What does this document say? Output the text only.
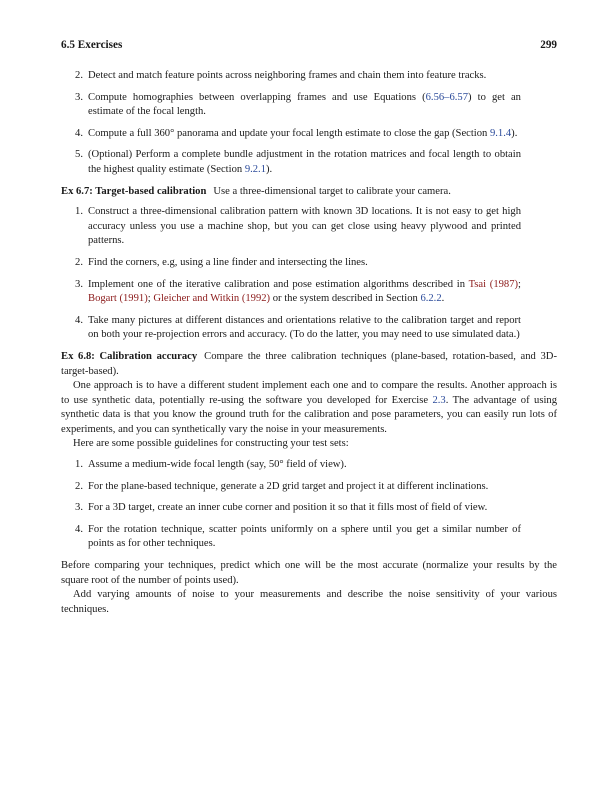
6.5 Exercises	299
2. Detect and match feature points across neighboring frames and chain them into feature tracks.
3. Compute homographies between overlapping frames and use Equations (6.56–6.57) to get an estimate of the focal length.
4. Compute a full 360° panorama and update your focal length estimate to close the gap (Section 9.1.4).
5. (Optional) Perform a complete bundle adjustment in the rotation matrices and focal length to obtain the highest quality estimate (Section 9.2.1).
Ex 6.7: Target-based calibration Use a three-dimensional target to calibrate your camera.
1. Construct a three-dimensional calibration pattern with known 3D locations. It is not easy to get high accuracy unless you use a machine shop, but you can get close using heavy plywood and printed patterns.
2. Find the corners, e.g, using a line finder and intersecting the lines.
3. Implement one of the iterative calibration and pose estimation algorithms described in Tsai (1987); Bogart (1991); Gleicher and Witkin (1992) or the system described in Section 6.2.2.
4. Take many pictures at different distances and orientations relative to the calibration target and report on both your re-projection errors and accuracy. (To do the latter, you may need to use simulated data.)
Ex 6.8: Calibration accuracy Compare the three calibration techniques (plane-based, rotation-based, and 3D-target-based).

One approach is to have a different student implement each one and to compare the results. Another approach is to use synthetic data, potentially re-using the software you developed for Exercise 2.3. The advantage of using synthetic data is that you know the ground truth for the calibration and pose parameters, you can easily run lots of experiments, and you can synthetically vary the noise in your measurements.

Here are some possible guidelines for constructing your test sets:

1. Assume a medium-wide focal length (say, 50° field of view).
2. For the plane-based technique, generate a 2D grid target and project it at different inclinations.
3. For a 3D target, create an inner cube corner and position it so that it fills most of field of view.
4. For the rotation technique, scatter points uniformly on a sphere until you get a similar number of points as for other techniques.

Before comparing your techniques, predict which one will be the most accurate (normalize your results by the square root of the number of points used).

Add varying amounts of noise to your measurements and describe the noise sensitivity of your various techniques.
